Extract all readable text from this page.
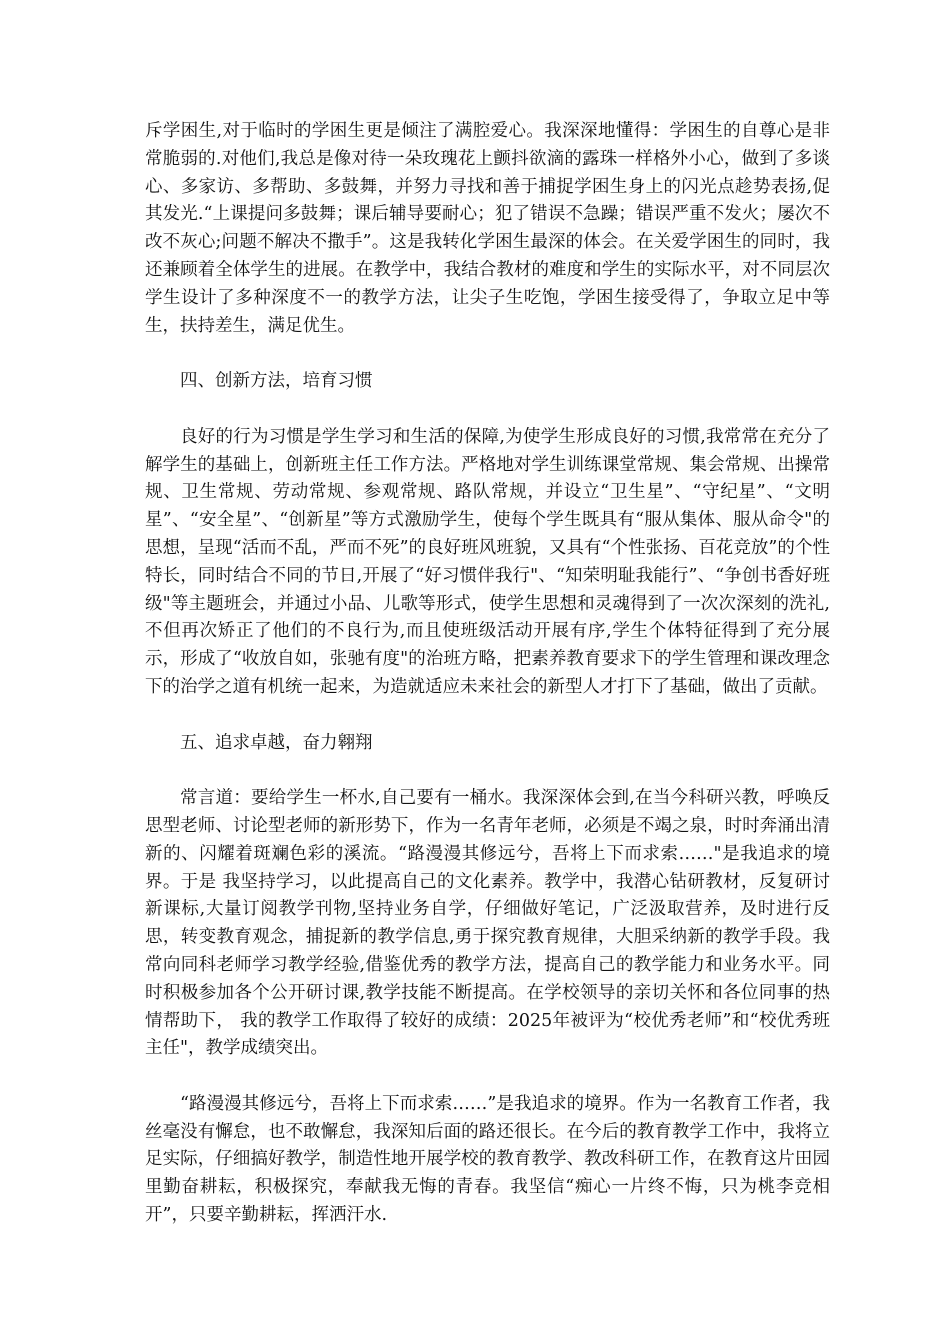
斥学困生,对于临时的学困生更是倾注了满腔爱心。我深深地懂得：学困生的自尊心是非常脆弱的.对他们,我总是像对待一朵玫瑰花上颤抖欲滴的露珠一样格外小心，做到了多谈心、多家访、多帮助、多鼓舞，并努力寻找和善于捕捉学困生身上的闪光点趁势表扬,促其发光.“上课提问多鼓舞；课后辅导要耐心；犯了错误不急躁；错误严重不发火；屡次不改不灰心;问题不解决不撒手”。这是我转化学困生最深的体会。在关爱学困生的同时，我还兼顾着全体学生的进展。在教学中，我结合教材的难度和学生的实际水平，对不同层次学生设计了多种深度不一的教学方法，让尖子生吃饱，学困生接受得了，争取立足中等生，扶持差生，满足优生。

四、创新方法，培育习惯

良好的行为习惯是学生学习和生活的保障,为使学生形成良好的习惯,我常常在充分了解学生的基础上，创新班主任工作方法。严格地对学生训练课堂常规、集会常规、出操常规、卫生常规、劳动常规、参观常规、路队常规，并设立“卫生星”、“守纪星”、“文明星”、“安全星”、“创新星”等方式激励学生，使每个学生既具有“服从集体、服从命令"的思想，呈现“活而不乱，严而不死”的良好班风班貌，又具有“个性张扬、百花竞放”的个性特长，同时结合不同的节日,开展了“好习惯伴我行"、“知荣明耻我能行”、“争创书香好班级"等主题班会，并通过小品、儿歌等形式，使学生思想和灵魂得到了一次次深刻的洗礼,不但再次矫正了他们的不良行为,而且使班级活动开展有序,学生个体特征得到了充分展示，形成了“收放自如，张驰有度"的治班方略，把素养教育要求下的学生管理和课改理念下的治学之道有机统一起来，为造就适应未来社会的新型人才打下了基础，做出了贡献。

五、追求卓越，奋力翱翔

常言道：要给学生一杯水,自己要有一桶水。我深深体会到,在当今科研兴教，呼唤反思型老师、讨论型老师的新形势下，作为一名青年老师，必须是不竭之泉，时时奔涌出清新的、闪耀着斑斓色彩的溪流。“路漫漫其修远兮，吾将上下而求索……"是我追求的境界。于是 我坚持学习，以此提高自己的文化素养。教学中，我潜心钻研教材，反复研讨新课标,大量订阅教学刊物,坚持业务自学，仔细做好笔记，广泛汲取营养，及时进行反思，转变教育观念，捕捉新的教学信息,勇于探究教育规律，大胆采纳新的教学手段。我常向同科老师学习教学经验,借鉴优秀的教学方法，提高自己的教学能力和业务水平。同时积极参加各个公开研讨课,教学技能不断提高。在学校领导的亲切关怀和各位同事的热情帮助下， 我的教学工作取得了较好的成绩：2025年被评为“校优秀老师”和“校优秀班主任"，教学成绩突出。

“路漫漫其修远兮，吾将上下而求索……”是我追求的境界。作为一名教育工作者，我丝毫没有懈怠，也不敢懈怠，我深知后面的路还很长。在今后的教育教学工作中，我将立足实际，仔细搞好教学，制造性地开展学校的教育教学、教改科研工作，在教育这片田园里勤奋耕耘，积极探究，奉献我无悔的青春。我坚信“痴心一片终不悔，只为桃李竞相开”，只要辛勤耕耘，挥洒汗水.
